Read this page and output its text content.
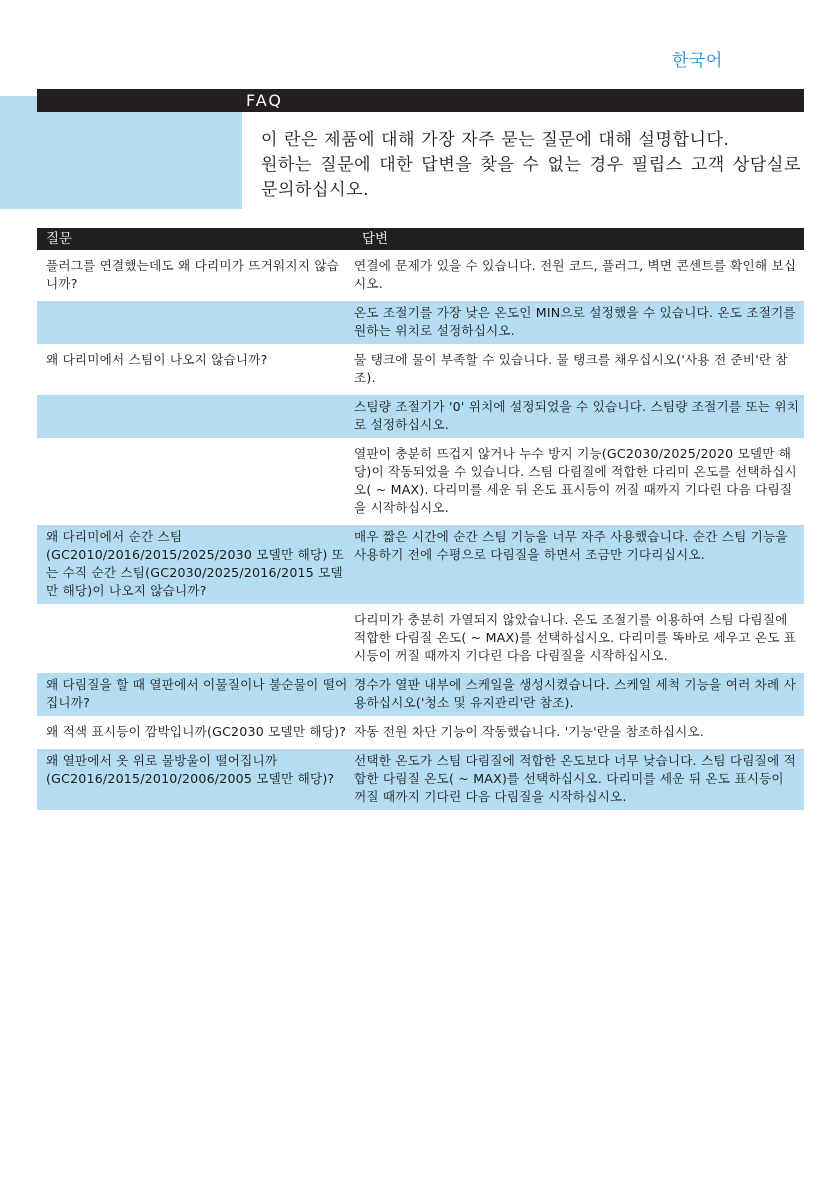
한국어
FAQ

이 란은 제품에 대해 가장 자주 묻는 질문에 대해 설명합니다.

원하는 질문에 대한 답변을 찾을 수 없는 경우 필립스 고객 상담실로 문의하십시오.

질문	답변
플러그를 연결했는데도 왜 다리미가 뜨거워지지 않습니까?
연결에 문제가 있을 수 있습니다. 전원 코드, 플러그, 벽면 콘센트를 확인해 보십시오.
온도 조절기를 가장 낮은 온도인 MIN으로 설정했을 수 있습니다. 온도 조절기를 원하는 위치로 설정하십시오.
왜 다리미에서 스팀이 나오지 않습니까?	물 탱크에 물이 부족할 수 있습니다. 물 탱크를 채우십시오('사용 전 준비'란 참조).
스팀량 조절기가 '0' 위치에 설정되었을 수 있습니다. 스팀량 조절기를 또는 위치로 설정하십시오.
열판이 충분히 뜨겁지 않거나 누수 방지 기능(GC2030/2025/2020 모델만 해당)이 작동되었을 수 있습니다. 스팀 다림질에 적합한 다리미 온도를 선택하십시오( ~ MAX). 다리미를 세운 뒤 온도 표시등이 꺼질 때까지 기다린 다음 다림질을 시작하십시오.
왜 다리미에서 순간 스팀(GC2010/2016/2015/2025/2030 모델만 해당) 또는 수직 순간 스팀(GC2030/2025/2016/2015 모델만 해당)이 나오지 않습니까?
매우 짧은 시간에 순간 스팀 기능을 너무 자주 사용했습니다. 순간 스팀 기능을 사용하기 전에 수평으로 다림질을 하면서 조금만 기다리십시오.
다리미가 충분히 가열되지 않았습니다. 온도 조절기를 이용하여 스팀 다림질에 적합한 다림질 온도( ~ MAX)를 선택하십시오. 다리미를 똑바로 세우고 온도 표시등이 꺼질 때까지 기다린 다음 다림질을 시작하십시오.
왜 다림질을 할 때 열판에서 이물질이나 불순물이 떨어집니까?
경수가 열판 내부에 스케일을 생성시켰습니다. 스케일 세척 기능을 여러 차례 사용하십시오('청소 및 유지관리'란 참조).
왜 적색 표시등이 깜박입니까(GC2030 모델만 해당)? 자동 전원 차단 기능이 작동했습니다. '기능'란을 참조하십시오.
왜 열판에서 옷 위로 물방울이 떨어집니까(GC2016/2015/2010/2006/2005 모델만 해당)?
선택한 온도가 스팀 다림질에 적합한 온도보다 너무 낮습니다. 스팀 다림질에 적합한 다림질 온도( ~ MAX)를 선택하십시오. 다리미를 세운 뒤 온도 표시등이 꺼질 때까지 기다린 다음 다림질을 시작하십시오.
